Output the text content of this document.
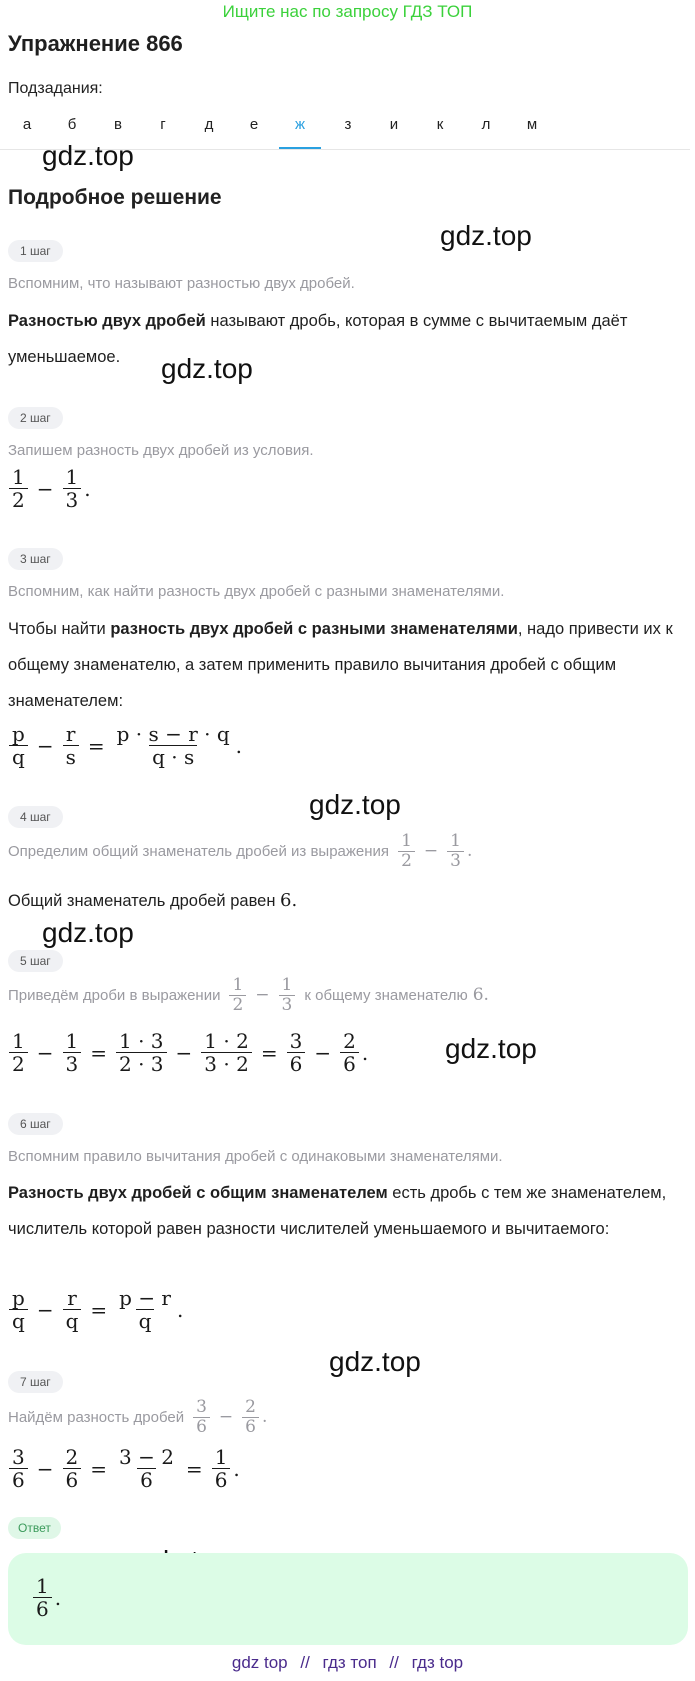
Ищите нас по запросу ГДЗ ТОП
Упражнение 866
Подзадания:
а	б	в	г	д	е	ж	з	и	к	л	м
gdz.top
gdz.top
gdz.top
gdz.top
gdz.top
gdz.top
gdz.top
Подробное решение
1 шаг
Вспомним, что называют разностью двух дробей.
Разностью двух дробей называют дробь, которая в сумме с вычитаемым даёт уменьшаемое.
2 шаг
Запишем разность двух дробей из условия.
$\frac{1}{2} - \frac{1}{3}$ .
3 шаг
Вспомним, как найти разность двух дробей с разными знаменателями.
Чтобы найти разность двух дробей с разными знаменателями, надо привести их к общему знаменателю, а затем применить правило вычитания дробей с общим знаменателем:
$\frac{p}{q} - \frac{r}{s} = \frac{p \cdot s - r \cdot q}{q \cdot s}$ .
4 шаг
Определим общий знаменатель дробей из выражения $\frac{1}{2} - \frac{1}{3}$ .
Общий знаменатель дробей равен
6 .
5 шаг
Приведём дроби в выражении $\frac{1}{2} - \frac{1}{3}$ к общему знаменателю 6 .
$\frac{1}{2} - \frac{1}{3} = \frac{1 \cdot 3}{2 \cdot 3} - \frac{1 \cdot 2}{3 \cdot 2} = \frac{3}{6} - \frac{2}{6}$ .
6 шаг
Вспомним правило вычитания дробей с одинаковыми знаменателями.
Разность двух дробей с общим знаменателем есть дробь с тем же знаменателем, числитель которой равен разности числителей уменьшаемого и вычитаемого:
$\frac{p}{q} - \frac{r}{q} = \frac{p - r}{q}$ .
7 шаг
Найдём разность дробей $\frac{3}{6} - \frac{2}{6}$ .
$\frac{3}{6} - \frac{2}{6} = \frac{3 - 2}{6} = \frac{1}{6}$ .
Ответ
$\frac{1}{6}$ .
gdz top // гдз топ // гдз top
